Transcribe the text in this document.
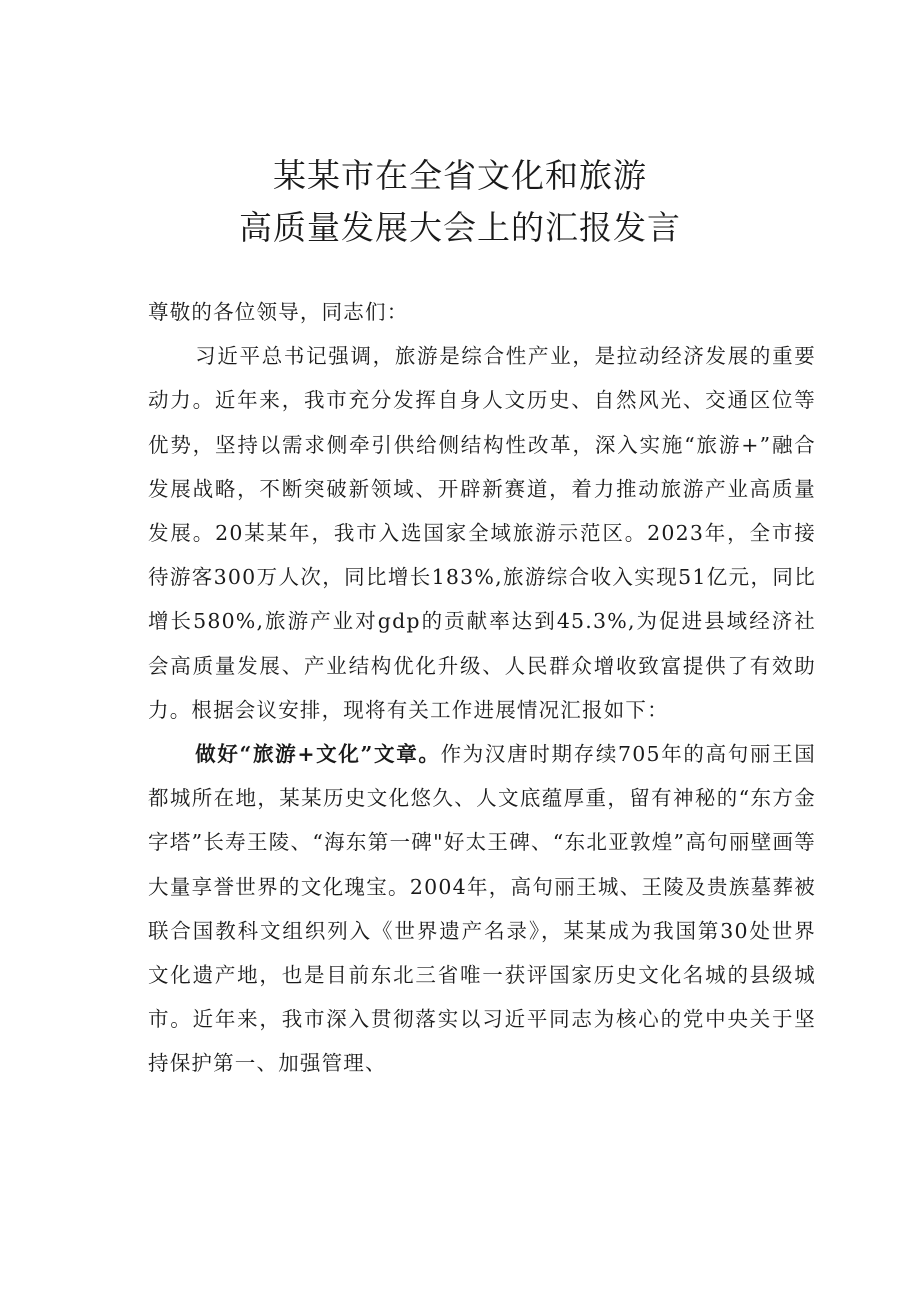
某某市在全省文化和旅游
高质量发展大会上的汇报发言

尊敬的各位领导，同志们：

习近平总书记强调，旅游是综合性产业，是拉动经济发展的重要动力。近年来，我市充分发挥自身人文历史、自然风光、交通区位等优势，坚持以需求侧牵引供给侧结构性改革，深入实施“旅游+”融合发展战略，不断突破新领域、开辟新赛道，着力推动旅游产业高质量发展。20某某年，我市入选国家全域旅游示范区。2023年，全市接待游客300万人次，同比增长183%,旅游综合收入实现51亿元，同比增长580%,旅游产业对gdp的贡献率达到45.3%,为促进县域经济社会高质量发展、产业结构优化升级、人民群众增收致富提供了有效助力。根据会议安排，现将有关工作进展情况汇报如下：

做好“旅游+文化”文章。作为汉唐时期存续705年的高句丽王国都城所在地，某某历史文化悠久、人文底蕴厚重，留有神秘的“东方金字塔”长寿王陵、“海东第一碑"好太王碑、“东北亚敦煌”高句丽壁画等大量享誉世界的文化瑰宝。2004年，高句丽王城、王陵及贵族墓葬被联合国教科文组织列入《世界遗产名录》，某某成为我国第30处世界文化遗产地，也是目前东北三省唯一获评国家历史文化名城的县级城市。近年来，我市深入贯彻落实以习近平同志为核心的党中央关于坚持保护第一、加强管理、
